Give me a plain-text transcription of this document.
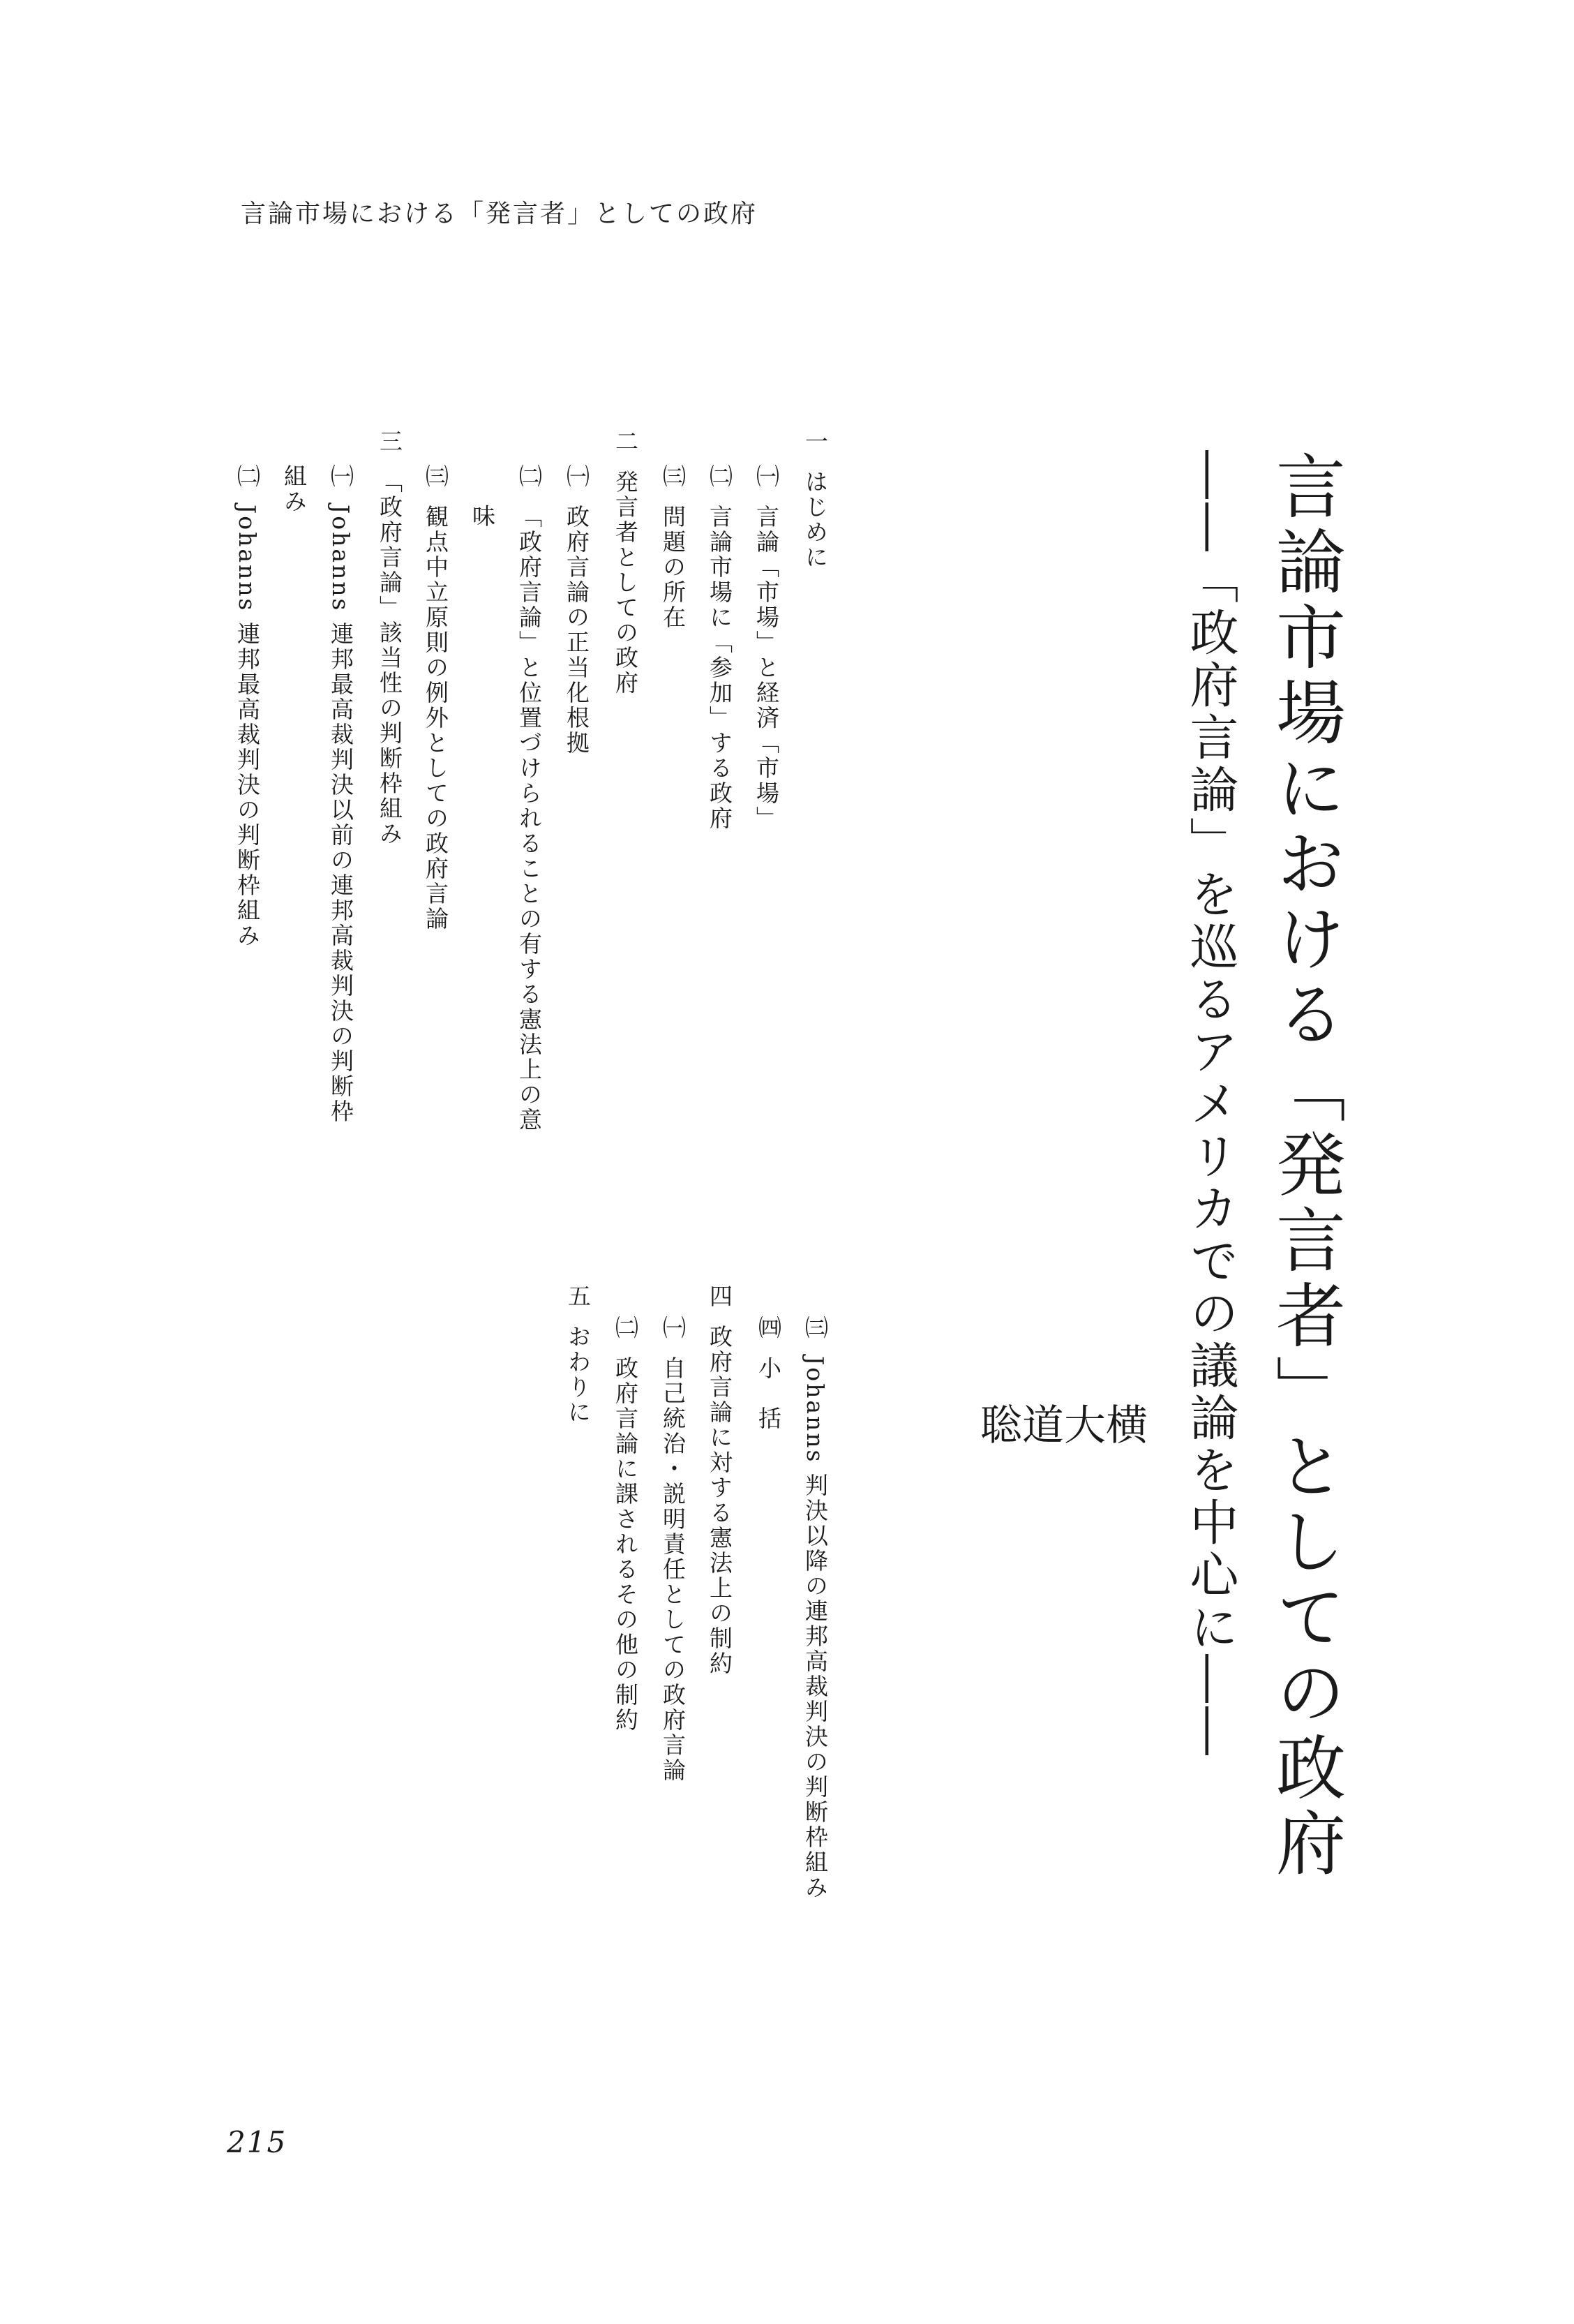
言論市場における「発言者」としての政府
言論市場における「発言者」としての政府
――「政府言論」を巡るアメリカでの議論を中心に――
横
大
道
聡
一はじめに
㈠言論「市場」と経済「市場」
㈡言論市場に「参加」する政府
㈢問題の所在
二発言者としての政府
㈠政府言論の正当化根拠
㈡「政府言論」と位置づけられることの有する憲法上の意
味
㈢観点中立原則の例外としての政府言論
三「政府言論」該当性の判断枠組み
㈠Johanns 連邦最高裁判決以前の連邦高裁判決の判断枠
組み
㈡Johanns 連邦最高裁判決の判断枠組み
㈢Johanns 判決以降の連邦高裁判決の判断枠組み
㈣小　括
四政府言論に対する憲法上の制約
㈠自己統治・説明責任としての政府言論
㈡政府言論に課されるその他の制約
五おわりに
215
